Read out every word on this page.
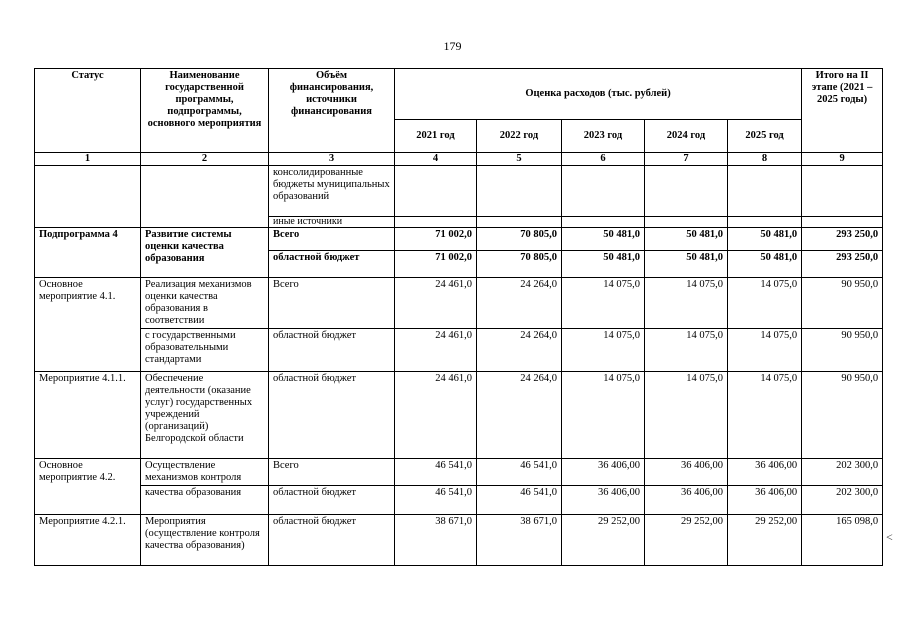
179
Статус	Наименование государственной программы, подпрограммы, основного мероприятия	Объём финансирования, источники финансирования	Оценка расходов (тыс. рублей)					Итого на II этапе (2021 – 2025 годы)
			2021 год	2022 год	2023 год	2024 год	2025 год	
1	2	3	4	5	6	7	8	9
		консолидированные бюджеты муниципальных образований						
		иные источники						
Подпрограмма 4	Развитие системы оценки качества образования	Всего	71 002,0	70 805,0	50 481,0	50 481,0	50 481,0	293 250,0
		областной бюджет	71 002,0	70 805,0	50 481,0	50 481,0	50 481,0	293 250,0
Основное мероприятие 4.1.	Реализация механизмов оценки качества образования в соответствии	Всего	24 461,0	24 264,0	14 075,0	14 075,0	14 075,0	90 950,0
	с государственными образовательными стандартами	областной бюджет	24 461,0	24 264,0	14 075,0	14 075,0	14 075,0	90 950,0
Мероприятие 4.1.1.	Обеспечение деятельности (оказание услуг) государственных учреждений (организаций) Белгородской области	областной бюджет	24 461,0	24 264,0	14 075,0	14 075,0	14 075,0	90 950,0
Основное мероприятие 4.2.	Осуществление механизмов контроля	Всего	46 541,0	46 541,0	36 406,00	36 406,00	36 406,00	202 300,0
	качества образования	областной бюджет	46 541,0	46 541,0	36 406,00	36 406,00	36 406,00	202 300,0
Мероприятие 4.2.1.	Мероприятия (осуществление контроля качества образования)	областной бюджет	38 671,0	38 671,0	29 252,00	29 252,00	29 252,00	165 098,0
<
